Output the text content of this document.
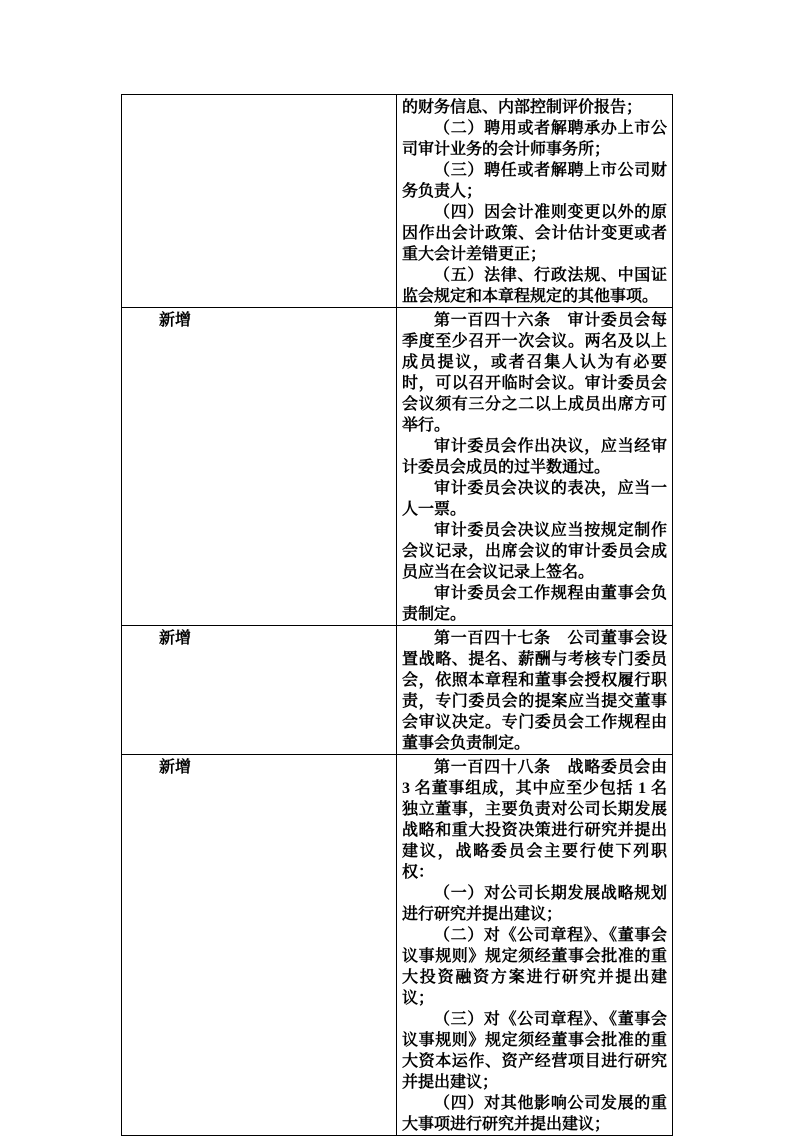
	的财务信息、内部控制评价报告；

（二）聘用或者解聘承办上市公司审计业务的会计师事务所；

（三）聘任或者解聘上市公司财务负责人；

（四）因会计准则变更以外的原因作出会计政策、会计估计变更或者重大会计差错更正；

（五）法律、行政法规、中国证监会规定和本章程规定的其他事项。

新增	第一百四十六条　审计委员会每季度至少召开一次会议。两名及以上成员提议，或者召集人认为有必要时，可以召开临时会议。审计委员会会议须有三分之二以上成员出席方可举行。

审计委员会作出决议，应当经审计委员会成员的过半数通过。

审计委员会决议的表决，应当一人一票。

审计委员会决议应当按规定制作会议记录，出席会议的审计委员会成员应当在会议记录上签名。

审计委员会工作规程由董事会负责制定。

新增	第一百四十七条　公司董事会设置战略、提名、薪酬与考核专门委员会，依照本章程和董事会授权履行职责，专门委员会的提案应当提交董事会审议决定。专门委员会工作规程由董事会负责制定。

新增	第一百四十八条　战略委员会由 3 名董事组成，其中应至少包括 1 名独立董事，主要负责对公司长期发展战略和重大投资决策进行研究并提出建议，战略委员会主要行使下列职权：

（一）对公司长期发展战略规划进行研究并提出建议；

（二）对《公司章程》、《董事会议事规则》规定须经董事会批准的重大投资融资方案进行研究并提出建议；

（三）对《公司章程》、《董事会议事规则》规定须经董事会批准的重大资本运作、资产经营项目进行研究并提出建议；

（四）对其他影响公司发展的重大事项进行研究并提出建议；
